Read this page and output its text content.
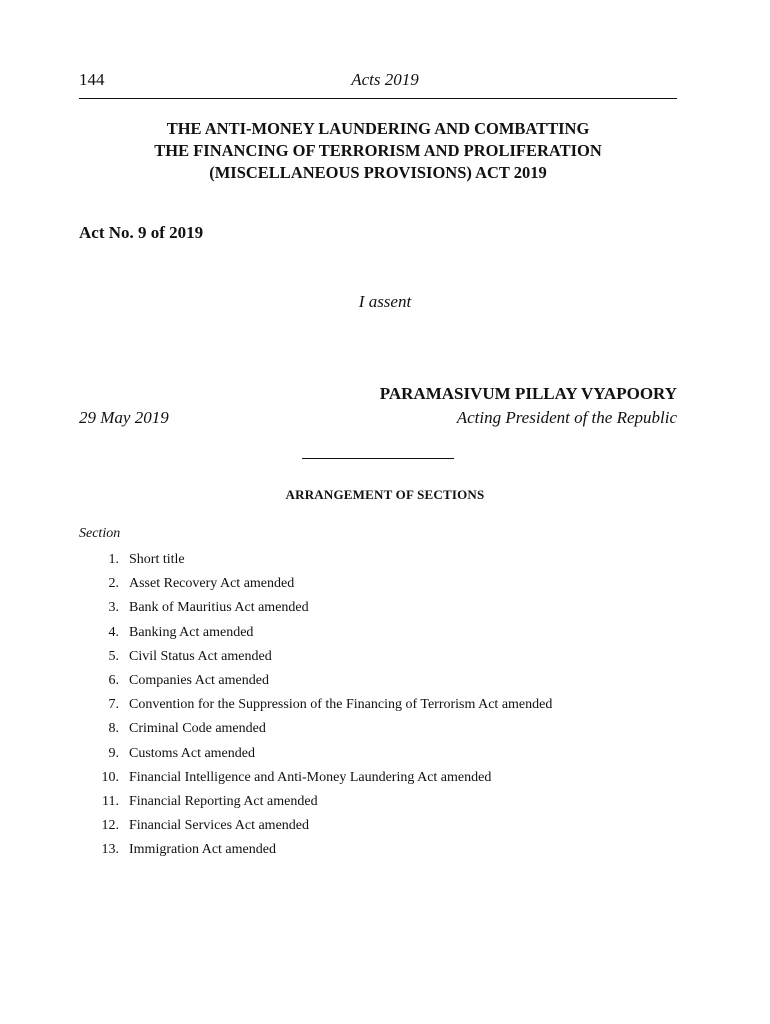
144	Acts 2019
THE ANTI-MONEY LAUNDERING AND COMBATTING
THE FINANCING OF TERRORISM AND PROLIFERATION
(MISCELLANEOUS PROVISIONS) ACT 2019
Act No. 9 of 2019
I assent
PARAMASIVUM PILLAY VYAPOORY
29 May 2019	Acting President of the Republic
ARRANGEMENT OF SECTIONS
Section
1. Short title
2. Asset Recovery Act amended
3. Bank of Mauritius Act amended
4. Banking Act amended
5. Civil Status Act amended
6. Companies Act amended
7. Convention for the Suppression of the Financing of Terrorism Act amended
8. Criminal Code amended
9. Customs Act amended
10. Financial Intelligence and Anti-Money Laundering Act amended
11. Financial Reporting Act amended
12. Financial Services Act amended
13. Immigration Act amended
